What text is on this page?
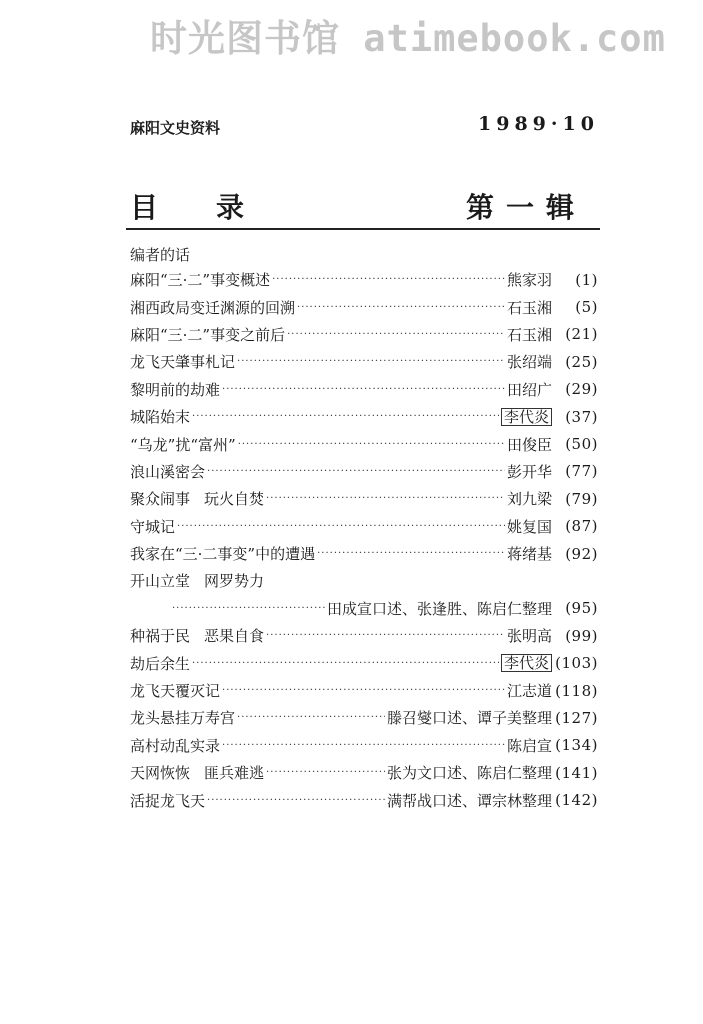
时光图书馆 atimebook.com
麻阳文史资料	1989·10
目录	第一辑
编者的话
麻阳“三·二”事变概述 ·····	熊家羽	(1)
湘西政局变迁渊源的回溯 ·····	石玉湘	(5)
麻阳“三·二”事变之前后 ·····	石玉湘 (21)
龙飞天肇事札记 ·····	张绍端 (25)
黎明前的劫难 ·····	田绍广 (29)
城陷始末 ·····	李代炎	(37)
“乌龙”扰“富州” ·····	田俊臣 (50)
浪山溪密会 ·····	彭开华 (77)
聚众闹事 玩火自焚 ·····	刘九梁 (79)
守城记 ·····	姚复国 (87)
我家在“三·二事变”中的遭遇 ·····	蒋绪基 (92)
开山立堂 网罗势力
·····
田成宣口述、张逢胜、陈启仁整理 (95)
种祸于民 恶果自食 ·····	张明高 (99)
劫后余生 ·····	李代炎 (103)
龙飞天覆灭记 ·····	江志道 (118)
龙头悬挂万寿宫 ·····	滕召燮口述、谭子美整理 (127)
高村动乱实录 ·····	陈启宣 (134)
天网恢恢 匪兵难逃 ·····	张为文口述、陈启仁整理 (141)
活捉龙飞天 ·····	满帮战口述、谭宗林整理 (142)
